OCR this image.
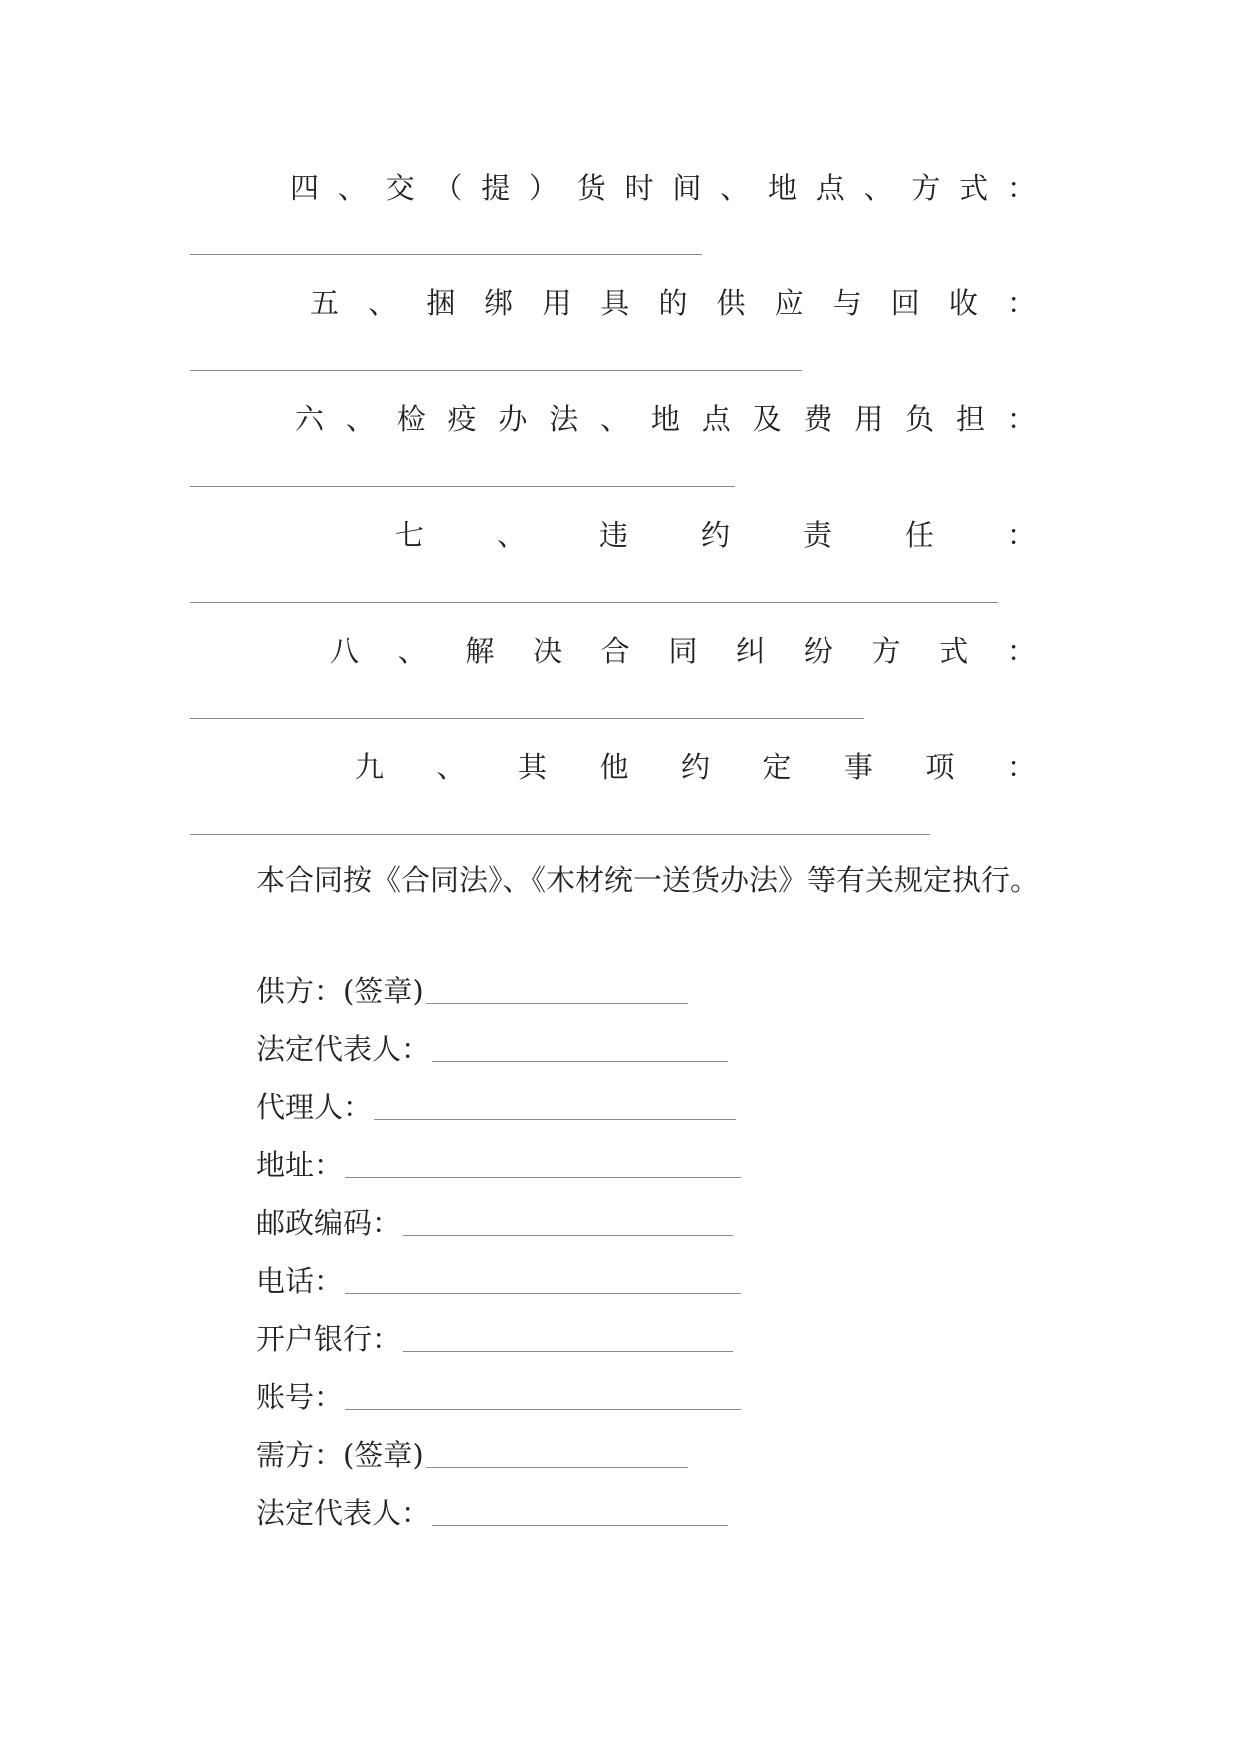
四 、 交 （ 提 ） 货 时 间 、 地 点 、 方 式 ：
五 、 捆 绑 用 具 的 供 应 与 回 收 ：
六 、 检 疫 办 法 、 地 点 及 费 用 负 担 ：
七	、	违	约	责	任	：
八 、 解 决 合 同 纠 纷 方 式 ：
九 、 其 他 约 定 事 项 ：

本合同按《合同法》、《木材统一送货办法》等有关规定执行。

供方：(签章)
法定代表人：
代理人：
地址：
邮政编码：
电话：
开户银行：
账号：
需方：(签章)
法定代表人：
